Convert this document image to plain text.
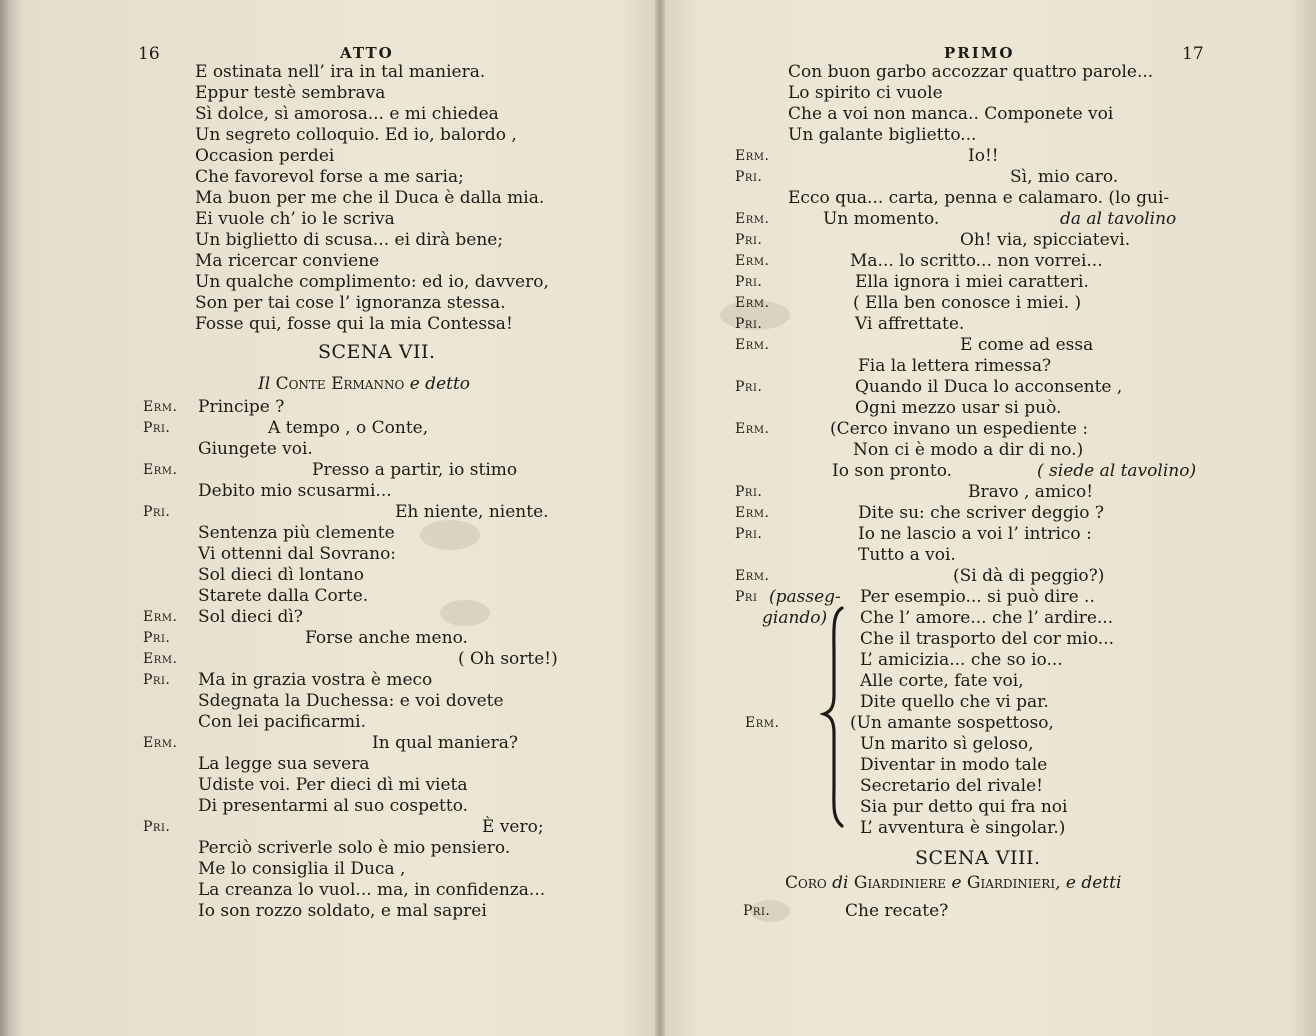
16	ATTO
E ostinata nell’ ira in tal maniera.
Eppur testè sembrava
Sì dolce, sì amorosa... e mi chiedea
Un segreto colloquio. Ed io, balordo ,
Occasion perdei
Che favorevol forse a me saria;
Ma buon per me che il Duca è dalla mia.
Ei vuole ch’ io le scriva
Un biglietto di scusa... ei dirà bene;
Ma ricercar conviene
Un qualche complimento: ed io, davvero,
Son per tai cose l’ ignoranza stessa.
Fosse qui, fosse qui la mia Contessa!
SCENA VII.
Il Conte Ermanno e detto
Erm. Principe ?
Pri.	A tempo , o Conte,
Giungete voi.
Erm.	Presso a partir, io stimo
Debito mio scusarmi...
Pri.	Eh niente, niente.
Sentenza più clemente
Vi ottenni dal Sovrano:
Sol dieci dì lontano
Starete dalla Corte.
Erm. Sol dieci dì?
Pri.	Forse anche meno.
Erm.	( Oh sorte!)
Pri. Ma in grazia vostra è meco
Sdegnata la Duchessa: e voi dovete
Con lei pacificarmi.
Erm.	In qual maniera?
La legge sua severa
Udiste voi. Per dieci dì mi vieta
Di presentarmi al suo cospetto.
Pri.	È vero;
Perciò scriverle solo è mio pensiero.
Me lo consiglia il Duca ,
La creanza lo vuol... ma, in confidenza...
Io son rozzo soldato, e mal saprei
PRIMO	17
Con buon garbo accozzar quattro parole...
Lo spirito ci vuole
Che a voi non manca.. Componete voi
Un galante biglietto...
Erm.	Io!!
Pri.	Sì, mio caro.
Ecco qua... carta, penna e calamaro. (lo gui-
Erm.	Un momento.	da al tavolino
Pri.	Oh! via, spicciatevi.
Erm.	Ma... lo scritto... non vorrei...
Pri.	Ella ignora i miei caratteri.
Erm.	( Ella ben conosce i miei. )
Pri.	Vi affrettate.
Erm.	E come ad essa
Fia la lettera rimessa?
Pri.	Quando il Duca lo acconsente ,
Ogni mezzo usar si può.
Erm.	(Cerco invano un espediente :
Non ci è modo a dir di no.)
Io son pronto.	( siede al tavolino)
Pri.	Bravo , amico!
Erm.	Dite su: che scriver deggio ?
Pri.	Io ne lascio a voi l’ intrico :
Tutto a voi.
Erm.	(Si dà di peggio?)
Pri (passeg-
giando)
Per esempio... si può dire ..
Che l’ amore... che l’ ardire...
Che il trasporto del cor mio...
L’ amicizia... che so io...
Alle corte, fate voi,
Dite quello che vi par.
Erm.	(Un amante sospettoso,
Un marito sì geloso,
Diventar in modo tale
Secretario del rivale!
Sia pur detto qui fra noi
L’ avventura è singolar.)
SCENA VIII.
Coro di Giardiniere e Giardinieri, e detti
Pri.	Che recate?
